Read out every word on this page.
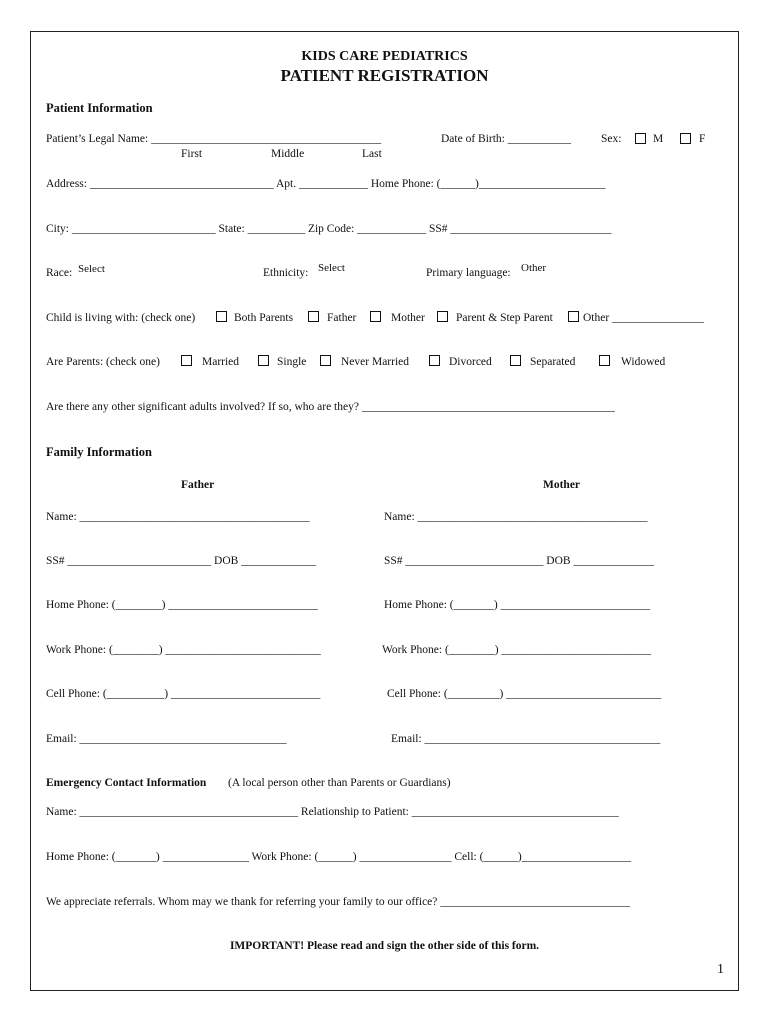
KIDS CARE PEDIATRICS
PATIENT REGISTRATION
Patient Information
Patient’s Legal Name: ________________________________________	Date of Birth: ___________	Sex:	M	F
First	Middle	Last
Address: ________________________________ Apt. ____________ Home Phone: (______)______________________
City: _________________________ State: __________ Zip Code: ____________ SS# ____________________________
Race: Select	Ethnicity: Select	Primary language: Other
Child is living with: (check one)	Both Parents	Father	Mother	Parent & Step Parent	Other ________________
Are Parents: (check one)	Married	Single	Never Married	Divorced	Separated	Widowed
Are there any other significant adults involved? If so, who are they? ____________________________________________
Family Information
Father	Mother
Name: ________________________________________	Name: ________________________________________
SS# _________________________ DOB _____________	SS# ________________________ DOB ______________
Home Phone: (________) __________________________	Home Phone: (_______) __________________________
Work Phone: (________) ___________________________	Work Phone: (________) __________________________
Cell Phone: (__________) __________________________	Cell Phone: (_________) ___________________________
Email: ____________________________________	Email: _________________________________________
Emergency Contact Information (A local person other than Parents or Guardians)
Name: ______________________________________ Relationship to Patient: ____________________________________
Home Phone: (_______) _______________ Work Phone: (______) ________________ Cell: (______)___________________
We appreciate referrals. Whom may we thank for referring your family to our office? _________________________________
IMPORTANT! Please read and sign the other side of this form.
1
